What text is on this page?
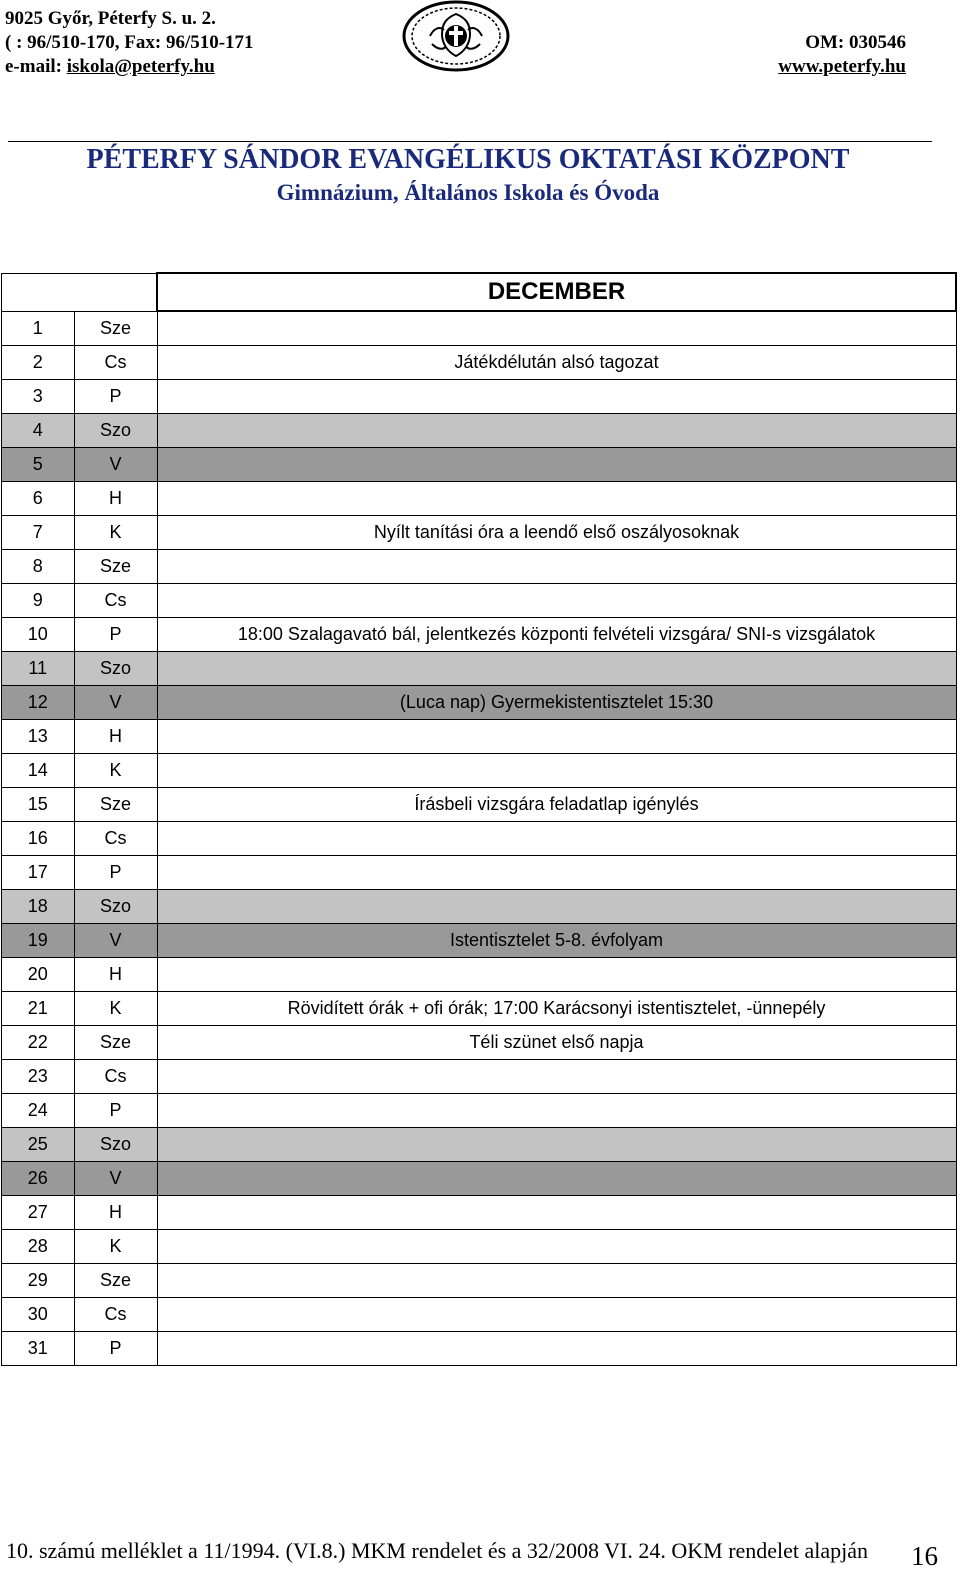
9025 Győr, Péterfy S. u. 2.
( : 96/510-170, Fax: 96/510-171
e-mail: iskola@peterfy.hu
OM: 030546
www.peterfy.hu
PÉTERFY SÁNDOR EVANGÉLIKUS OKTATÁSI KÖZPONT
Gimnázium, Általános Iskola és Óvoda
		DECEMBER
1	Sze	
2	Cs	Játékdélután alsó tagozat
3	P	
4	Szo	
5	V	
6	H	
7	K	Nyílt tanítási óra a leendő első oszályosoknak
8	Sze	
9	Cs	
10	P	18:00 Szalagavató bál, jelentkezés központi felvételi vizsgára/ SNI-s vizsgálatok
11	Szo	
12	V	(Luca nap) Gyermekistentisztelet 15:30
13	H	
14	K	
15	Sze	Írásbeli vizsgára feladatlap igénylés
16	Cs	
17	P	
18	Szo	
19	V	Istentisztelet 5-8. évfolyam
20	H	
21	K	Rövidített órák + ofi órák; 17:00 Karácsonyi istentisztelet, -ünnepély
22	Sze	Téli szünet első napja
23	Cs	
24	P	
25	Szo	
26	V	
27	H	
28	K	
29	Sze	
30	Cs	
31	P	
10. számú melléklet a 11/1994. (VI.8.) MKM rendelet és a 32/2008 VI. 24. OKM rendelet alapján 16
